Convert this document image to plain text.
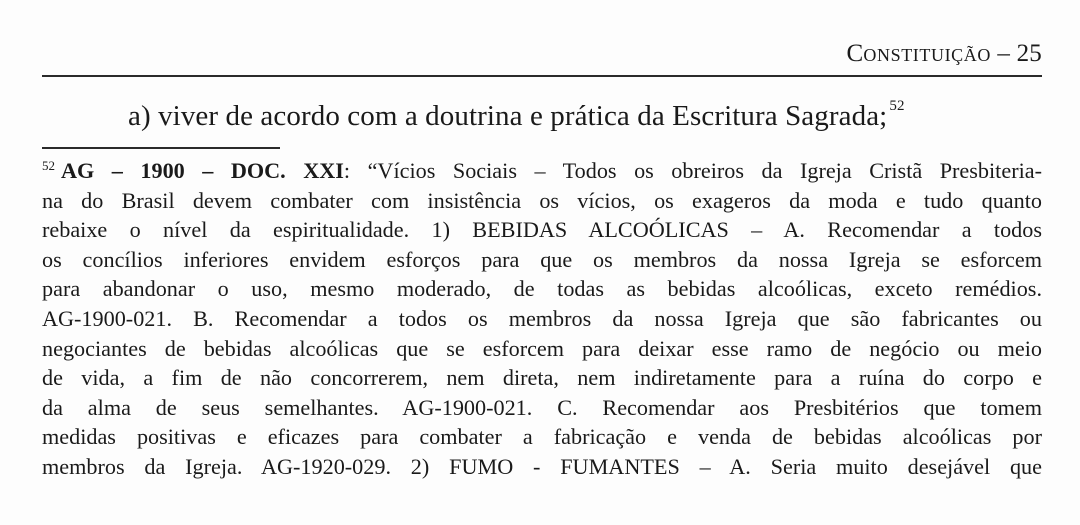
CONSTITUIÇÃO – 25
a) viver de acordo com a doutrina e prática da Escritura Sagrada; $^{52}$
$^{52}$ AG – 1900 – DOC. XXI: “Vícios Sociais – Todos os obreiros da Igreja Cristã Presbiteria-
na do Brasil devem combater com insistência os vícios, os exageros da moda e tudo quanto
rebaixe o nível da espiritualidade. 1) BEBIDAS ALCOÓLICAS – A. Recomendar a todos
os concílios inferiores envidem esforços para que os membros da nossa Igreja se esforcem
para abandonar o uso, mesmo moderado, de todas as bebidas alcoólicas, exceto remédios.
AG-1900-021. B. Recomendar a todos os membros da nossa Igreja que são fabricantes ou
negociantes de bebidas alcoólicas que se esforcem para deixar esse ramo de negócio ou meio
de vida, a fim de não concorrerem, nem direta, nem indiretamente para a ruína do corpo e
da alma de seus semelhantes. AG-1900-021. C. Recomendar aos Presbitérios que tomem
medidas positivas e eficazes para combater a fabricação e venda de bebidas alcoólicas por
membros da Igreja. AG-1920-029. 2) FUMO - FUMANTES – A. Seria muito desejável que
